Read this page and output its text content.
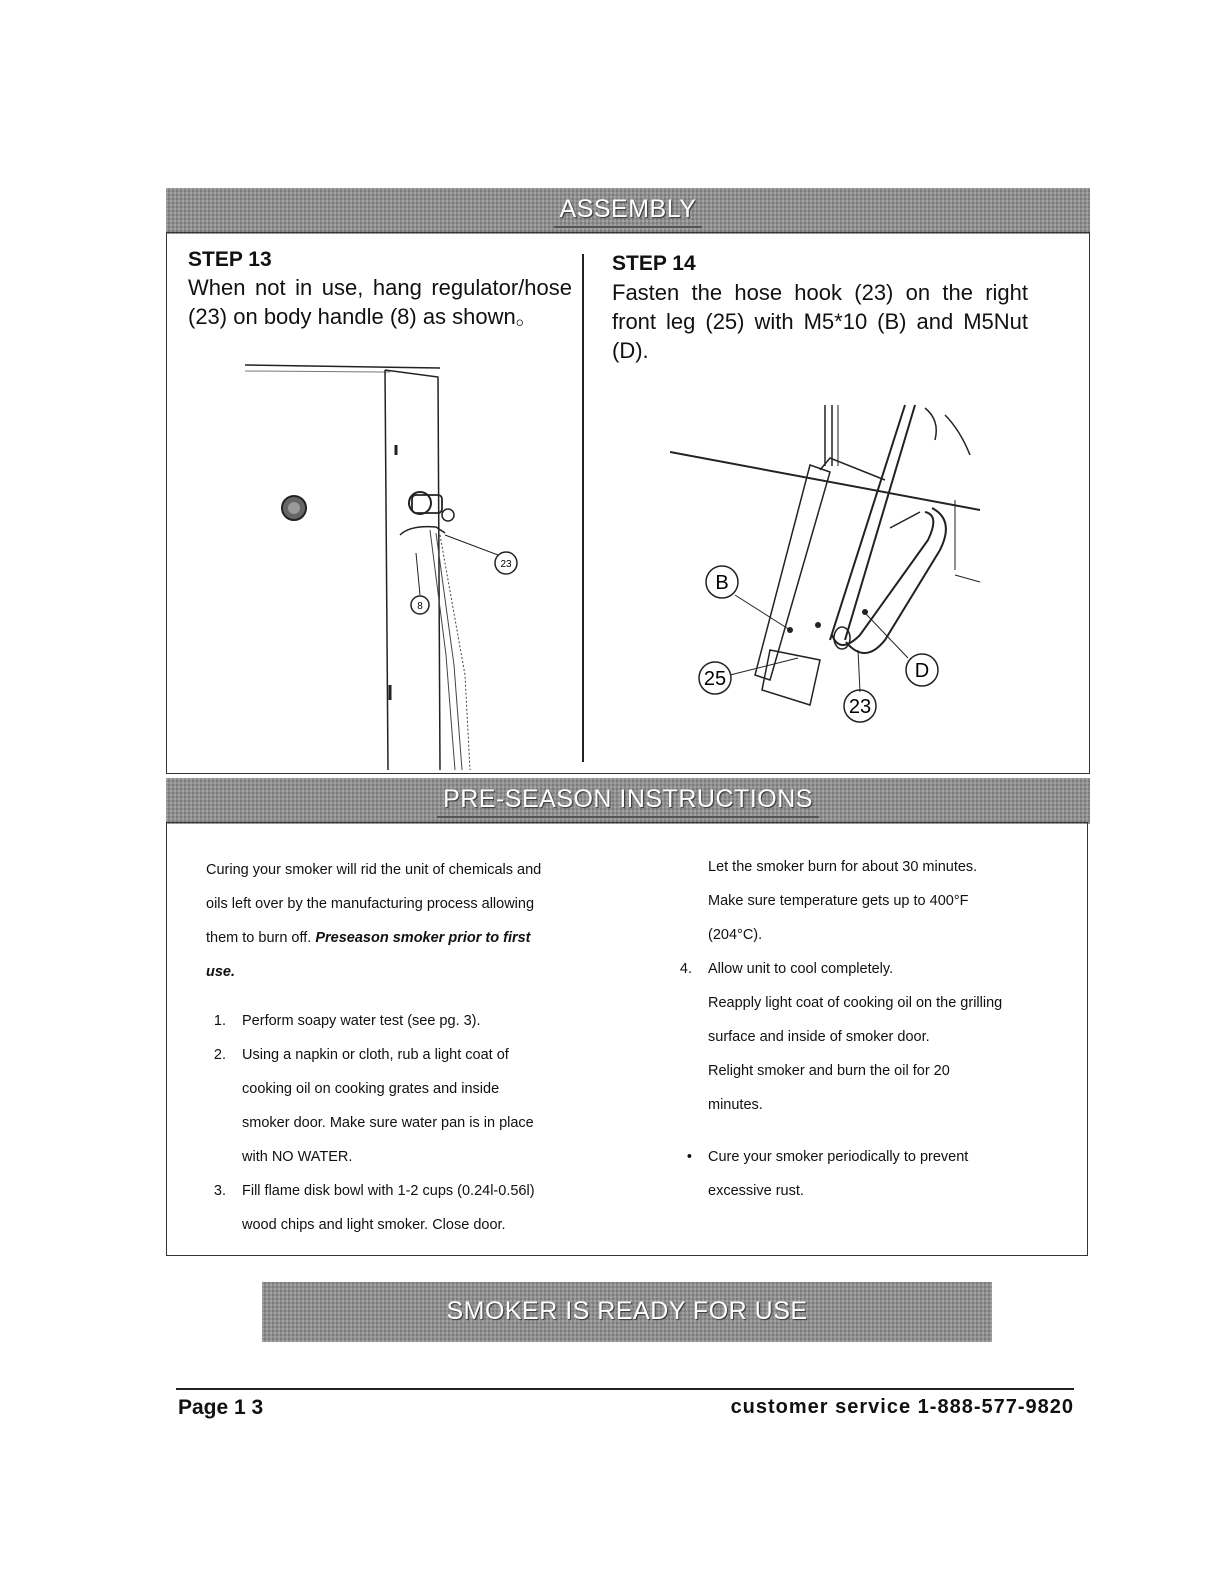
ASSEMBLY
STEP 13
When not in use, hang regulator/hose
(23) on body handle (8) as shown。
8
23
STEP 14
Fasten the hose hook (23) on the right
front leg (25) with M5*10 (B) and M5Nut
(D).
B
25	D
23
PRE-SEASON INSTRUCTIONS
Curing your smoker will rid the unit of chemicals and
oils left over by the manufacturing process allowing
them to burn off. Preseason smoker prior to first
use.
1. Perform soapy water test (see pg. 3).
2. Using a napkin or cloth, rub a light coat of
cooking oil on cooking grates and inside
smoker door. Make sure water pan is in place
with NO WATER.
3. Fill flame disk bowl with 1-2 cups (0.24l-0.56l)
wood chips and light smoker. Close door.
Let the smoker burn for about 30 minutes.
Make sure temperature gets up to 400°F
(204°C).
4. Allow unit to cool completely.
Reapply light coat of cooking oil on the grilling
surface and inside of smoker door.
Relight smoker and burn the oil for 20
minutes.
• Cure your smoker periodically to prevent
excessive rust.
SMOKER IS READY FOR USE
Page 1 3	customer service 1-888-577-9820
